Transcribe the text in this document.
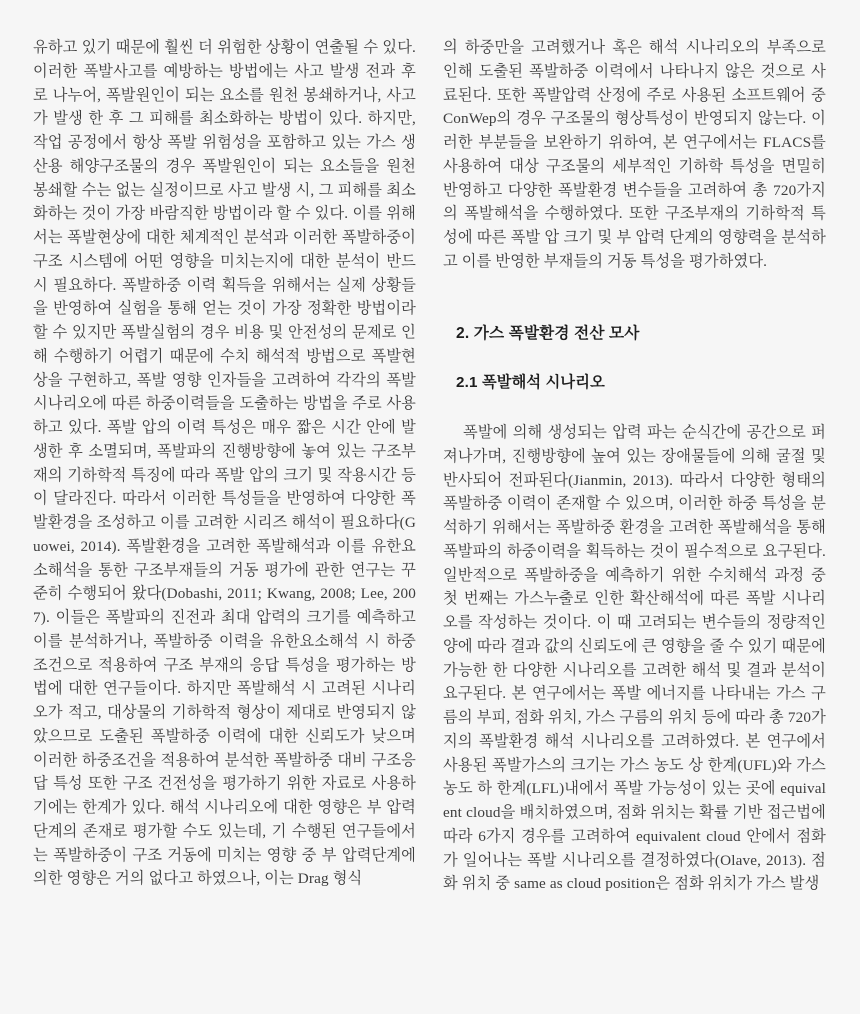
유하고 있기 때문에 훨씬 더 위험한 상황이 연출될 수 있다. 이러한 폭발사고를 예방하는 방법에는 사고 발생 전과 후로 나누어, 폭발원인이 되는 요소를 원천 봉쇄하거나, 사고가 발생 한 후 그 피해를 최소화하는 방법이 있다. 하지만, 작업 공정에서 항상 폭발 위험성을 포함하고 있는 가스 생산용 해양구조물의 경우 폭발원인이 되는 요소들을 원천 봉쇄할 수는 없는 실정이므로 사고 발생 시, 그 피해를 최소화하는 것이 가장 바람직한 방법이라 할 수 있다. 이를 위해서는 폭발현상에 대한 체계적인 분석과 이러한 폭발하중이 구조 시스템에 어떤 영향을 미치는지에 대한 분석이 반드시 필요하다. 폭발하중 이력 획득을 위해서는 실제 상황들을 반영하여 실험을 통해 얻는 것이 가장 정확한 방법이라 할 수 있지만 폭발실험의 경우 비용 및 안전성의 문제로 인해 수행하기 어렵기 때문에 수치 해석적 방법으로 폭발현상을 구현하고, 폭발 영향 인자들을 고려하여 각각의 폭발 시나리오에 따른 하중이력들을 도출하는 방법을 주로 사용하고 있다. 폭발 압의 이력 특성은 매우 짧은 시간 안에 발생한 후 소멸되며, 폭발파의 진행방향에 놓여 있는 구조부재의 기하학적 특징에 따라 폭발 압의 크기 및 작용시간 등이 달라진다. 따라서 이러한 특성들을 반영하여 다양한 폭발환경을 조성하고 이를 고려한 시리즈 해석이 필요하다(Guowei, 2014). 폭발환경을 고려한 폭발해석과 이를 유한요소해석을 통한 구조부재들의 거동 평가에 관한 연구는 꾸준히 수행되어 왔다(Dobashi, 2011; Kwang, 2008; Lee, 2007). 이들은 폭발파의 진전과 최대 압력의 크기를 예측하고 이를 분석하거나, 폭발하중 이력을 유한요소해석 시 하중조건으로 적용하여 구조 부재의 응답 특성을 평가하는 방법에 대한 연구들이다. 하지만 폭발해석 시 고려된 시나리오가 적고, 대상물의 기하학적 형상이 제대로 반영되지 않았으므로 도출된 폭발하중 이력에 대한 신뢰도가 낮으며 이러한 하중조건을 적용하여 분석한 폭발하중 대비 구조응답 특성 또한 구조 건전성을 평가하기 위한 자료로 사용하기에는 한계가 있다. 해석 시나리오에 대한 영향은 부 압력단계의 존재로 평가할 수도 있는데, 기 수행된 연구들에서는 폭발하중이 구조 거동에 미치는 영향 중 부 압력단계에 의한 영향은 거의 없다고 하였으나, 이는 Drag 형식

의 하중만을 고려했거나 혹은 해석 시나리오의 부족으로 인해 도출된 폭발하중 이력에서 나타나지 않은 것으로 사료된다. 또한 폭발압력 산정에 주로 사용된 소프트웨어 중 ConWep의 경우 구조물의 형상특성이 반영되지 않는다. 이러한 부분들을 보완하기 위하여, 본 연구에서는 FLACS를 사용하여 대상 구조물의 세부적인 기하학 특성을 면밀히 반영하고 다양한 폭발환경 변수들을 고려하여 총 720가지의 폭발해석을 수행하였다. 또한 구조부재의 기하학적 특성에 따른 폭발 압 크기 및 부 압력 단계의 영향력을 분석하고 이를 반영한 부재들의 거동 특성을 평가하였다.

2. 가스 폭발환경 전산 모사
2.1 폭발해석 시나리오

폭발에 의해 생성되는 압력 파는 순식간에 공간으로 퍼져나가며, 진행방향에 높여 있는 장애물들에 의해 굴절 및 반사되어 전파된다(Jianmin, 2013). 따라서 다양한 형태의 폭발하중 이력이 존재할 수 있으며, 이러한 하중 특성을 분석하기 위해서는 폭발하중 환경을 고려한 폭발해석을 통해 폭발파의 하중이력을 획득하는 것이 필수적으로 요구된다. 일반적으로 폭발하중을 예측하기 위한 수치해석 과정 중 첫 번째는 가스누출로 인한 확산해석에 따른 폭발 시나리오를 작성하는 것이다. 이 때 고려되는 변수들의 정량적인 양에 따라 결과 값의 신뢰도에 큰 영향을 줄 수 있기 때문에 가능한 한 다양한 시나리오를 고려한 해석 및 결과 분석이 요구된다. 본 연구에서는 폭발 에너지를 나타내는 가스 구름의 부피, 점화 위치, 가스 구름의 위치 등에 따라 총 720가지의 폭발환경 해석 시나리오를 고려하였다. 본 연구에서 사용된 폭발가스의 크기는 가스 농도 상 한계(UFL)와 가스농도 하 한계(LFL)내에서 폭발 가능성이 있는 곳에 equivalent cloud을 배치하였으며, 점화 위치는 확률 기반 접근법에 따라 6가지 경우를 고려하여 equivalent cloud 안에서 점화가 일어나는 폭발 시나리오를 결정하였다(Olave, 2013). 점화 위치 중 same as cloud position은 점화 위치가 가스 발생
